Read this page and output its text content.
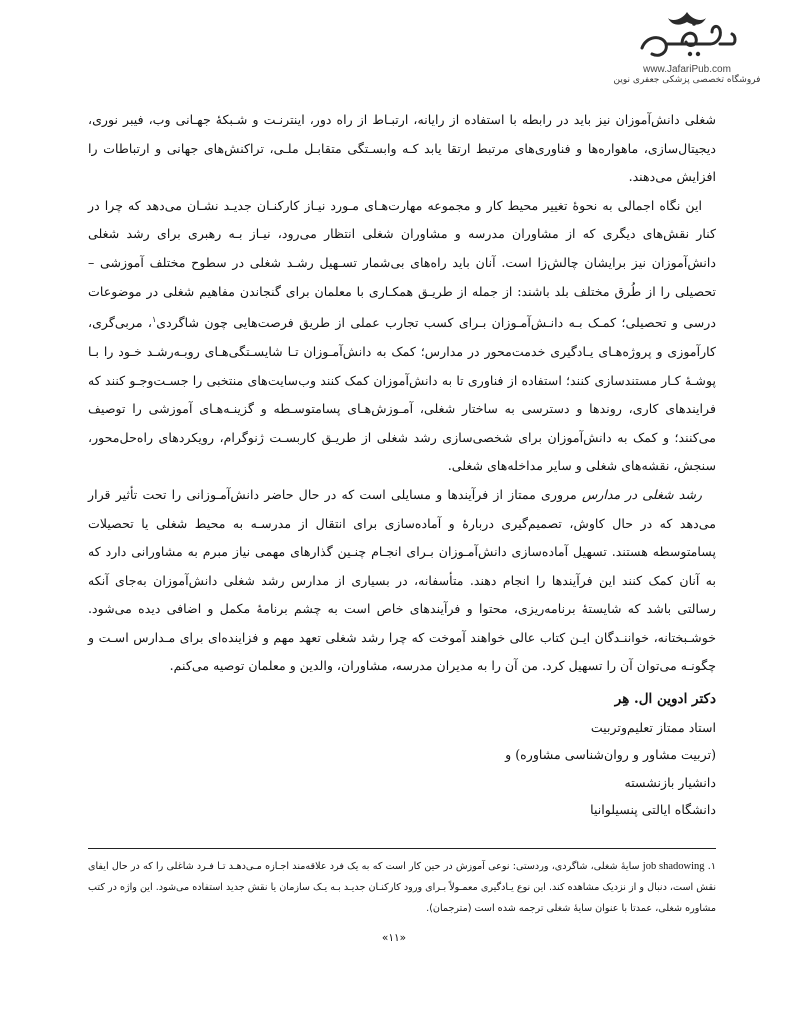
www.JafariPub.com
فروشگاه تخصصی پزشکی جعفری نوین

شغلی دانش‌آموزان نیز باید در رابطه با استفاده از رایانه، ارتبـاط از راه دور، اینترنـت و شـبکهٔ جهـانی وب، فیبر نوری، دیجیتال‌سازی، ماهواره‌ها و فناوری‌های مرتبط ارتقا یابد کـه وابسـتگی متقابـل ملـی، تراکنش‌های جهانی و ارتباطات را افزایش می‌دهند.

این نگاه اجمالی به نحوهٔ تغییر محیط کار و مجموعه مهارت‌هـای مـورد نیـاز کارکنـان جدیـد نشـان می‌دهد که چرا در کنار نقش‌های دیگری که از مشاوران مدرسه و مشاوران شغلی انتظار می‌رود، نیـاز بـه رهبری برای رشد شغلی دانش‌آموزان نیز برایشان چالش‌زا است. آنان باید راه‌های بی‌شمار تسـهیل رشـد شغلی در سطوح مختلف آموزشی – تحصیلی را از طُرق مختلف بلد باشند: از جمله از طریـق همکـاری با معلمان برای گنجاندن مفاهیم شغلی در موضوعات درسی و تحصیلی؛ کمـک بـه دانـش‌آمـوزان بـرای کسب تجارب عملی از طریق فرصت‌هایی چون شاگردی$^۱$، مربی‌گری، کارآموزی و پروژه‌هـای یـادگیری خدمت‌محور در مدارس؛ کمک به دانش‌آمـوزان تـا شایسـتگی‌هـای روبـه‌رشـد خـود را بـا پوشـهٔ کـار مستندسازی کنند؛ استفاده از فناوری تا به دانش‌آموزان کمک کنند وب‌سایت‌های منتخبی را جسـت‌وجـو کنند که فرایندهای کاری، روندها و دسترسی به ساختار شغلی، آمـوزش‌هـای پسامتوسـطه و گزینـه‌هـای آموزشی را توصیف می‌کنند؛ و کمک به دانش‌آموزان برای شخصی‌سازی رشد شغلی از طریـق کاربسـت ژنوگرام، رویکردهای راه‌حل‌محور، سنجش، نقشه‌های شغلی و سایر مداخله‌های شغلی.

رشد شغلی در مدارس مروری ممتاز از فرآیندها و مسایلی است که در حال حاضر دانش‌آمـوزانی را تحت تأثیر قرار می‌دهد که در حال کاوش، تصمیم‌گیری دربارهٔ و آماده‌سازی برای انتقال از مدرسـه به محیط شغلی یا تحصیلات پسامتوسطه هستند. تسهیل آماده‌سازی دانش‌آمـوزان بـرای انجـام چنـین گذارهای مهمی نیاز مبرم به مشاورانی دارد که به آنان کمک کنند این فرآیندها را انجام دهند. متأسفانه، در بسیاری از مدارس رشد شغلی دانش‌آموزان به‌جای آنکه رسالتی باشد که شایستهٔ برنامه‌ریزی، محتوا و فرآیندهای خاص است به چشم برنامهٔ مکمل و اضافی دیده می‌شود. خوشـبختانه، خواننـدگان ایـن کتاب عالی خواهند آموخت که چرا رشد شغلی تعهد مهم و فزاینده‌ای برای مـدارس اسـت و چگونـه می‌توان آن را تسهیل کرد. من آن را به مدیران مدرسه، مشاوران، والدین و معلمان توصیه می‌کنم.

دکتر ادوین ال. هِر
استاد ممتاز تعلیم‌وتربیت
(تربیت مشاور و روان‌شناسی مشاوره) و
دانشیار بازنشسته
دانشگاه ایالتی پنسیلوانیا
۱. job shadowing سایهٔ شغلی، شاگردی، وردستی: نوعی آموزش در حین کار است که به یک فرد علاقه‌مند اجـازه مـی‌دهـد تـا فـرد شاغلی را که در حال ایفای نقش است، دنبال و از نزدیک مشاهده کند. این نوع یـادگیری معمـولاً بـرای ورود کارکنـان جدیـد بـه یـک سازمان یا نقش جدید استفاده می‌شود. این واژه در کتب مشاوره شغلی، عمدتا با عنوان سایهٔ شغلی ترجمه شده است (مترجمان).
«۱۱»
